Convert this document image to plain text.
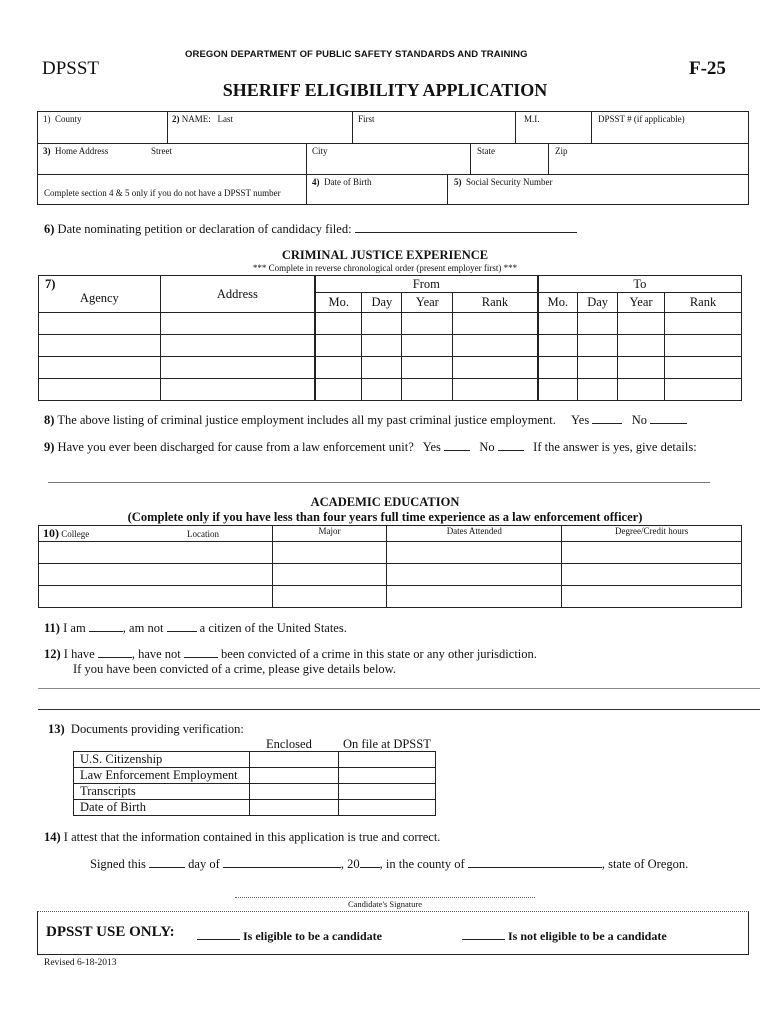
OREGON DEPARTMENT OF PUBLIC SAFETY STANDARDS AND TRAINING
DPSST	F-25
SHERIFF ELIGIBILITY APPLICATION
1) County	2) NAME: Last	First	M.I.	DPSST # (if applicable)
3) Home Address	Street	City	State	Zip
Complete section 4 & 5 only if you do not have a DPSST number
4) Date of Birth	5) Social Security Number
6) Date nominating petition or declaration of candidacy filed:
CRIMINAL JUSTICE EXPERIENCE
*** Complete in reverse chronological order (present employer first) ***
7)
Agency	Address	From				To			
		Mo.	Day	Year	Rank	Mo.	Day	Year	Rank

8) The above listing of criminal justice employment includes all my past criminal justice employment. Yes	No
9) Have you ever been discharged for cause from a law enforcement unit? Yes	No	If the answer is yes, give details:
ACADEMIC EDUCATION
(Complete only if you have less than four years full time experience as a law enforcement officer)
10) College Location	Major	Dates Attended	Degree/Credit hours

11) I am	, am not	a citizen of the United States.
12) I have	, have not	been convicted of a crime in this state or any other jurisdiction.
If you have been convicted of a crime, please give details below.
13) Documents providing verification:
Enclosed On file at DPSST
U.S. Citizenship		
Law Enforcement Employment		
Transcripts		
Date of Birth		
14) I attest that the information contained in this application is true and correct.
Signed this	day of	, 20 , in the county of	, state of Oregon.
Candidate's Signature
DPSST USE ONLY:	Is eligible to be a candidate	Is not eligible to be a candidate
Revised 6-18-2013
